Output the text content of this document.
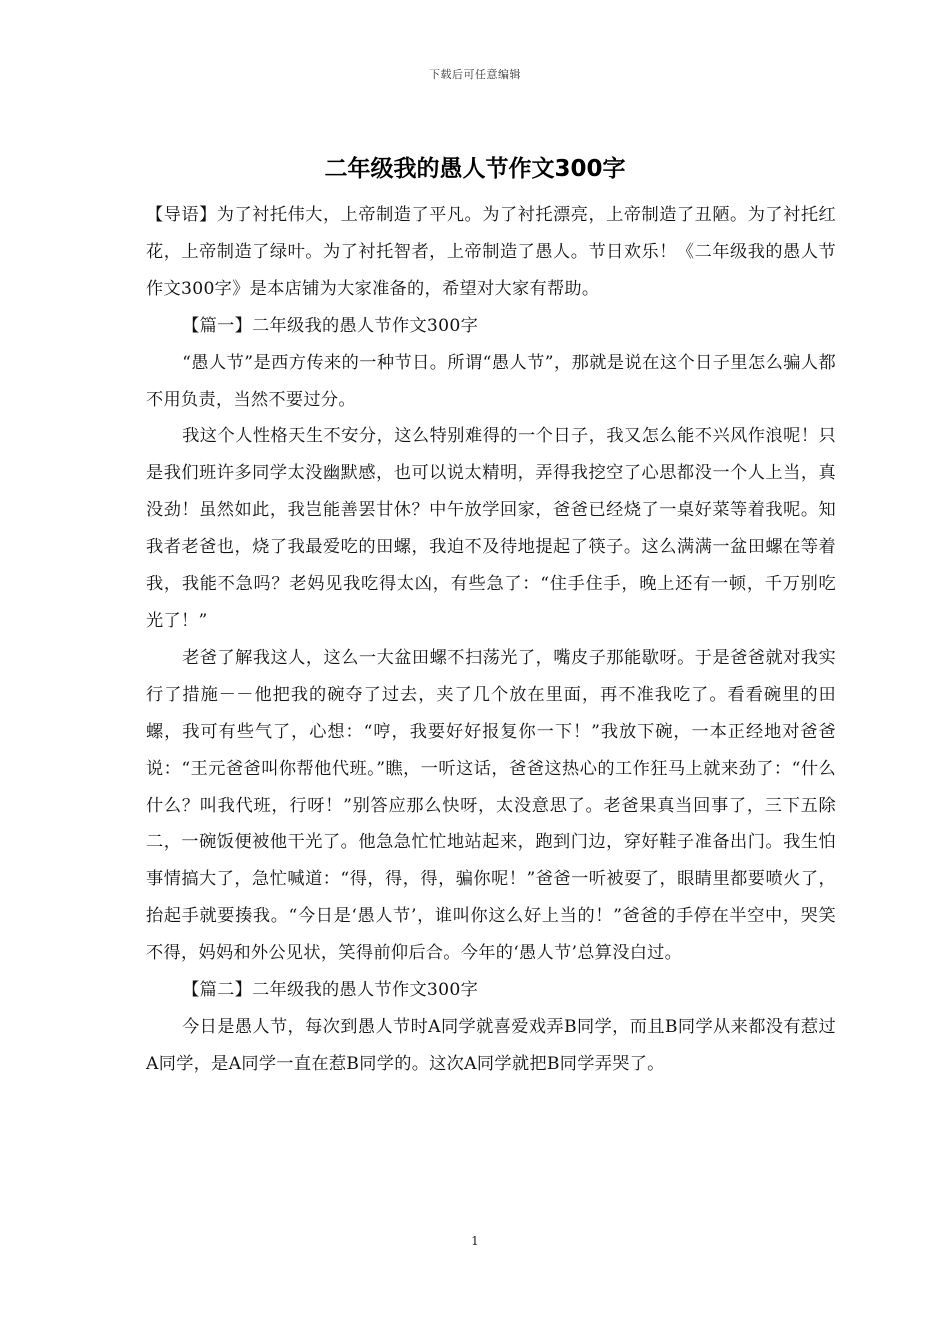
下载后可任意编辑
二年级我的愚人节作文300字

【导语】为了衬托伟大，上帝制造了平凡。为了衬托漂亮，上帝制造了丑陋。为了衬托红花，上帝制造了绿叶。为了衬托智者，上帝制造了愚人。节日欢乐！《二年级我的愚人节作文300字》是本店铺为大家准备的，希望对大家有帮助。

【篇一】二年级我的愚人节作文300字

“愚人节”是西方传来的一种节日。所谓“愚人节”，那就是说在这个日子里怎么骗人都不用负责，当然不要过分。

我这个人性格天生不安分，这么特别难得的一个日子，我又怎么能不兴风作浪呢！只是我们班许多同学太没幽默感，也可以说太精明，弄得我挖空了心思都没一个人上当，真没劲！虽然如此，我岂能善罢甘休？中午放学回家，爸爸已经烧了一桌好菜等着我呢。知我者老爸也，烧了我最爱吃的田螺，我迫不及待地提起了筷子。这么满满一盆田螺在等着我，我能不急吗？老妈见我吃得太凶，有些急了：“住手住手，晚上还有一顿，千万别吃光了！”

老爸了解我这人，这么一大盆田螺不扫荡光了，嘴皮子那能歇呀。于是爸爸就对我实行了措施－－他把我的碗夺了过去，夹了几个放在里面，再不准我吃了。看看碗里的田螺，我可有些气了，心想：“哼，我要好好报复你一下！”我放下碗，一本正经地对爸爸说：“王元爸爸叫你帮他代班。”瞧，一听这话，爸爸这热心的工作狂马上就来劲了：“什么什么？叫我代班，行呀！”别答应那么快呀，太没意思了。老爸果真当回事了，三下五除二，一碗饭便被他干光了。他急急忙忙地站起来，跑到门边，穿好鞋子准备出门。我生怕事情搞大了，急忙喊道：“得，得，得，骗你呢！”爸爸一听被耍了，眼睛里都要喷火了，抬起手就要揍我。“今日是‘愚人节’，谁叫你这么好上当的！”爸爸的手停在半空中，哭笑不得，妈妈和外公见状，笑得前仰后合。今年的‘愚人节’总算没白过。

【篇二】二年级我的愚人节作文300字

今日是愚人节，每次到愚人节时A同学就喜爱戏弄B同学，而且B同学从来都没有惹过A同学，是A同学一直在惹B同学的。这次A同学就把B同学弄哭了。

1
